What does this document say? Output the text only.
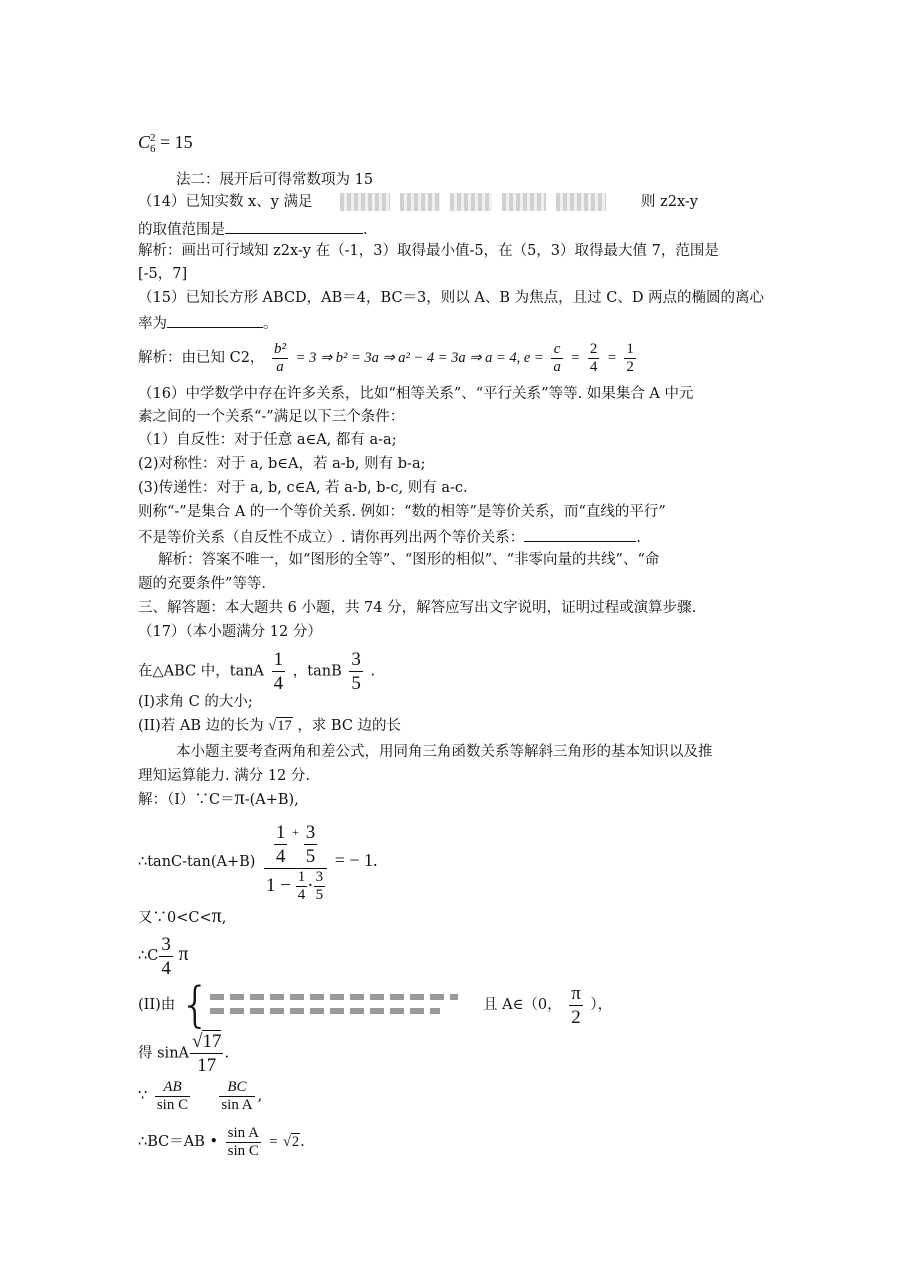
C 2
6 = 15
法二：展开后可得常数项为 15
（14）已知实数 x、y 满足	则 z2x-y
的取值范围是	.
解析：画出可行域知 z2x-y 在（-1，3）取得最小值-5，在（5，3）取得最大值 7，范围是
[-5，7]
（15）已知长方形 ABCD，AB＝4，BC＝3，则以 A、B 为焦点，且过 C、D 两点的椭圆的离心
率为	。
解析：由已知 C2， $\frac{\text{b²}}{a} = 3$ ⇒ b² = 3a ⇒ a² − 4 = 3a ⇒ a = 4, $e = \frac{c}{a} = \frac{2}{4} = \frac{1}{2}$
（16）中学数学中存在许多关系，比如“相等关系”、“平行关系”等等. 如果集合 A 中元
素之间的一个关系“-”满足以下三个条件：
（1）自反性：对于任意 a∈A, 都有 a-a;
(2)对称性：对于 a, b∈A，若 a-b, 则有 b-a;
(3)传递性：对于 a, b, c∈A, 若 a-b, b-c, 则有 a-c.
则称“-”是集合 A 的一个等价关系. 例如：“数的相等”是等价关系，而“直线的平行”
不是等价关系（自反性不成立）. 请你再列出两个等价关系：	.
解析：答案不唯一，如“图形的全等”、“图形的相似”、“非零向量的共线”、“命
题的充要条件”等等.
三、解答题：本大题共 6 小题，共 74 分，解答应写出文字说明，证明过程或演算步骤.
（17）（本小题满分 12 分）
在△ABC 中，tanA $\frac{1}{4}$ ，tanB $\frac{3}{5}$ .
(I)求角 C 的大小;
(II)若 AB 边的长为 √17 ，求 BC 边的长
本小题主要考查两角和差公式，用同角三角函数关系等解斜三角形的基本知识以及推
理知运算能力. 满分 12 分.
解：（I）∵C＝π-(A+B),
∴tanC-tan(A+B) $\frac{\frac{1}{4} ^+ \frac{3}{5}}{1 - \frac{1}{4} \cdot \frac{3}{5}}$ = − 1.
又∵0<C<π,
∴C $\frac{3}{4}$ π
(II)由 {	且 A∈（0， $\frac{\pi}{2}$ ），
得 sinA $\frac{√17}{17}$ .
∵ $\frac{AB}{\text{sin C}}$
$\frac{BC}{\text{sin A}}$ ,
∴BC＝AB • $\frac{\text{sin A}}{\text{sin C}} = √2$.
